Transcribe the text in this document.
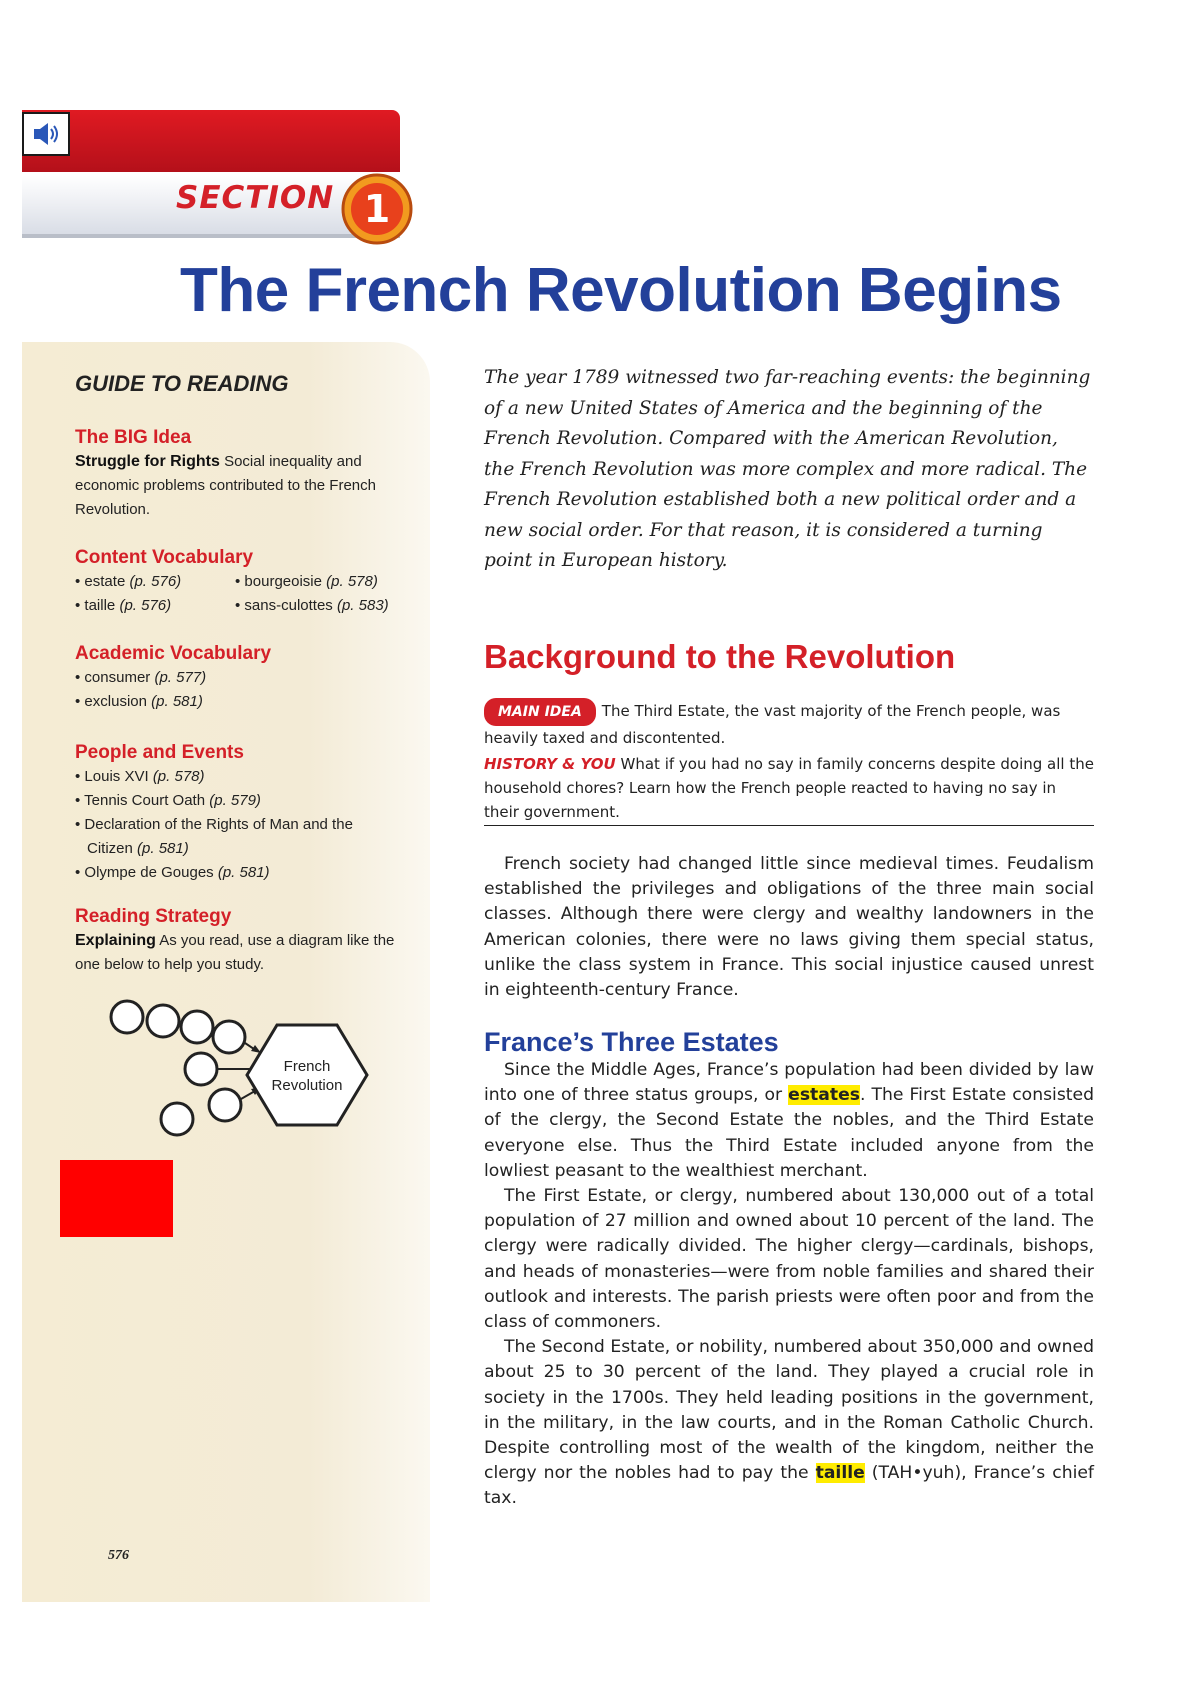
SECTION 1
The French Revolution Begins
GUIDE TO READING
The BIG Idea
Struggle for Rights Social inequality and economic problems contributed to the French Revolution.
Content Vocabulary
• estate (p. 576)	• bourgeoisie (p. 578)
• taille (p. 576)	• sans-culottes (p. 583)
Academic Vocabulary
• consumer (p. 577)
• exclusion (p. 581)
People and Events
• Louis XVI (p. 578)
• Tennis Court Oath (p. 579)
• Declaration of the Rights of Man and the Citizen (p. 581)
• Olympe de Gouges (p. 581)
Reading Strategy
Explaining As you read, use a diagram like the one below to help you study.
French
Revolution
576
The year 1789 witnessed two far-reaching events: the beginning of a new United States of America and the beginning of the French Revolution. Compared with the American Revolution, the French Revolution was more complex and more radical. The French Revolution established both a new political order and a new social order. For that reason, it is considered a turning point in European history.
Background to the Revolution
MAIN IDEA The Third Estate, the vast majority of the French people, was heavily taxed and discontented.
HISTORY & YOU What if you had no say in family concerns despite doing all the household chores? Learn how the French people reacted to having no say in their government.

French society had changed little since medieval times. Feudalism established the privileges and obligations of the three main social classes. Although there were clergy and wealthy landowners in the American colonies, there were no laws giving them special status, unlike the class system in France. This social injustice caused unrest in eighteenth-century France.

France’s Three Estates

Since the Middle Ages, France’s population had been divided by law into one of three status groups, or estates. The First Estate consisted of the clergy, the Second Estate the nobles, and the Third Estate everyone else. Thus the Third Estate included anyone from the lowliest peasant to the wealthiest merchant.

The First Estate, or clergy, numbered about 130,000 out of a total population of 27 million and owned about 10 percent of the land. The clergy were radically divided. The higher clergy—cardinals, bishops, and heads of monasteries—were from noble families and shared their outlook and interests. The parish priests were often poor and from the class of commoners.

The Second Estate, or nobility, numbered about 350,000 and owned about 25 to 30 percent of the land. They played a crucial role in society in the 1700s. They held leading positions in the government, in the military, in the law courts, and in the Roman Catholic Church. Despite controlling most of the wealth of the kingdom, neither the clergy nor the nobles had to pay the taille (TAH•yuh), France’s chief tax.
